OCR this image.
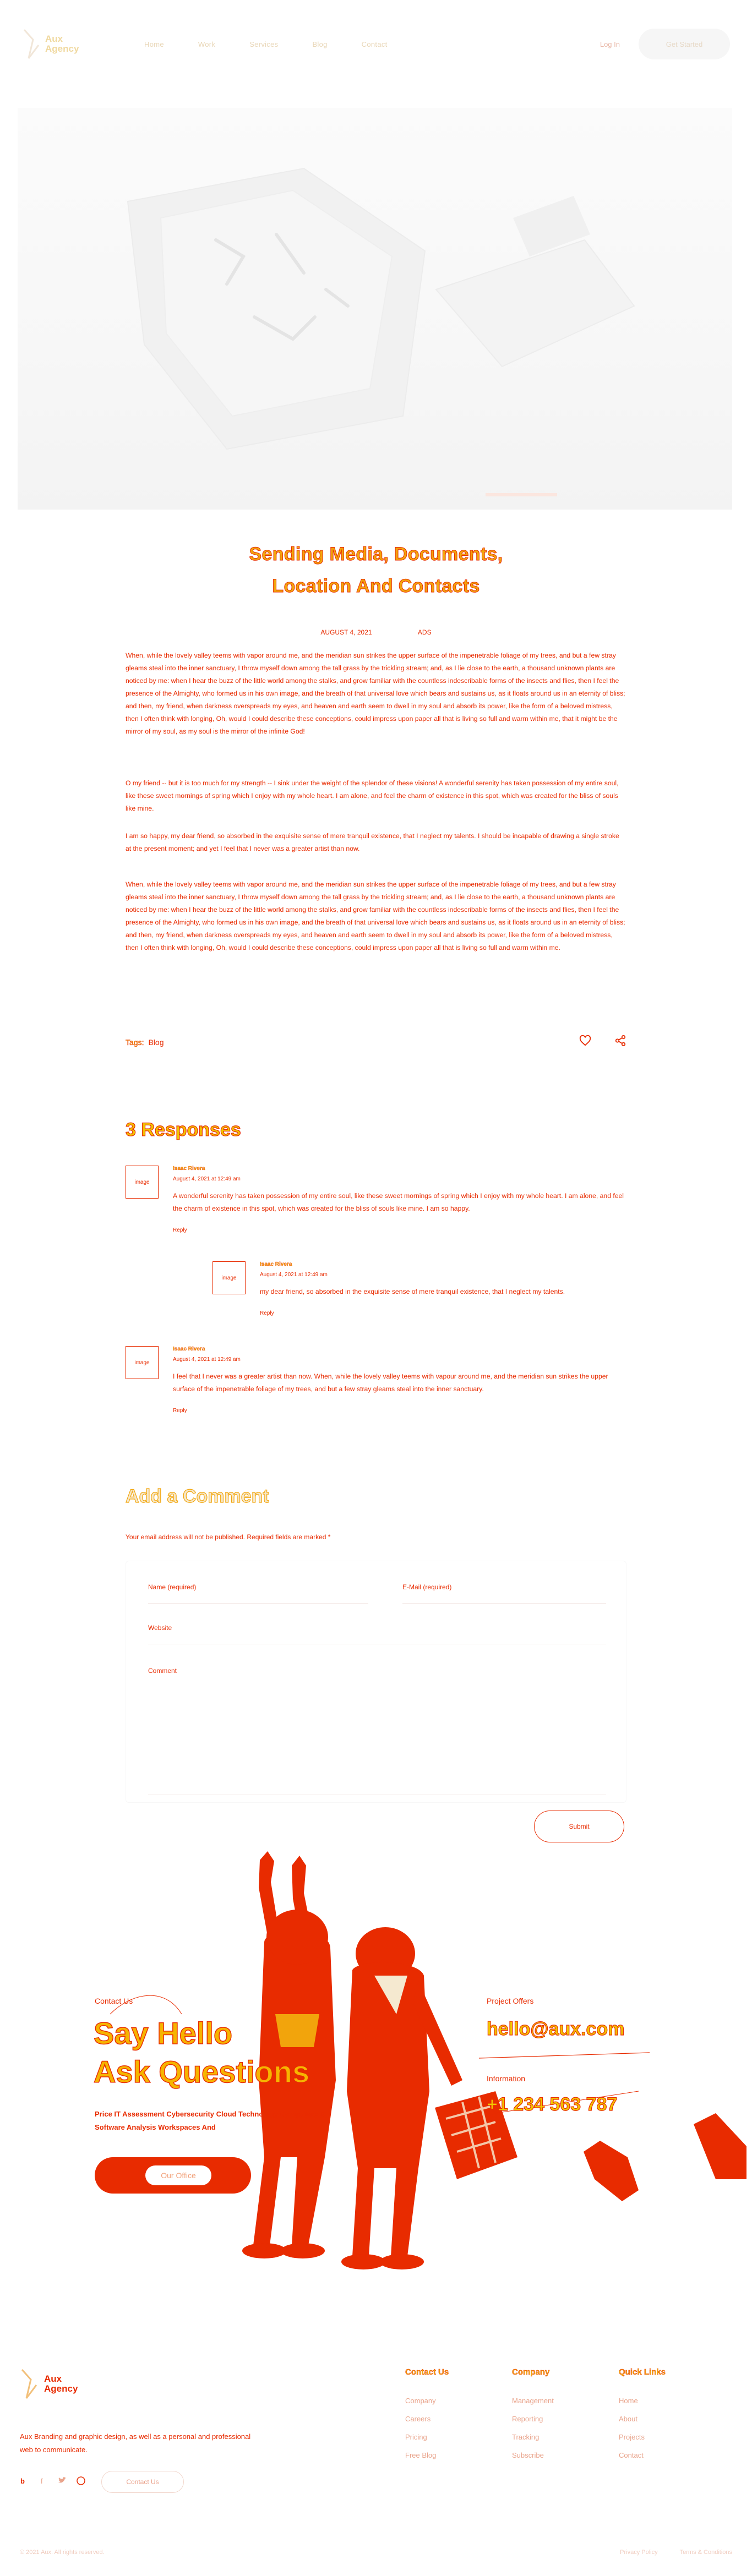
Aux
Agency	Home	Work	Services	Blog	Contact	Log In	Get Started
Sending Media, Documents,
Location And Contacts
AUGUST 4, 2021	ADS

When, while the lovely valley teems with vapor around me, and the meridian sun strikes the upper surface of the impenetrable foliage of my trees, and but a few stray gleams steal into the inner sanctuary, I throw myself down among the tall grass by the trickling stream; and, as I lie close to the earth, a thousand unknown plants are noticed by me: when I hear the buzz of the little world among the stalks, and grow familiar with the countless indescribable forms of the insects and flies, then I feel the presence of the Almighty, who formed us in his own image, and the breath of that universal love which bears and sustains us, as it floats around us in an eternity of bliss; and then, my friend, when darkness overspreads my eyes, and heaven and earth seem to dwell in my soul and absorb its power, like the form of a beloved mistress, then I often think with longing, Oh, would I could describe these conceptions, could impress upon paper all that is living so full and warm within me, that it might be the mirror of my soul, as my soul is the mirror of the infinite God!

O my friend -- but it is too much for my strength -- I sink under the weight of the splendor of these visions! A wonderful serenity has taken possession of my entire soul, like these sweet mornings of spring which I enjoy with my whole heart. I am alone, and feel the charm of existence in this spot, which was created for the bliss of souls like mine.

I am so happy, my dear friend, so absorbed in the exquisite sense of mere tranquil existence, that I neglect my talents. I should be incapable of drawing a single stroke at the present moment; and yet I feel that I never was a greater artist than now.

When, while the lovely valley teems with vapor around me, and the meridian sun strikes the upper surface of the impenetrable foliage of my trees, and but a few stray gleams steal into the inner sanctuary, I throw myself down among the tall grass by the trickling stream; and, as I lie close to the earth, a thousand unknown plants are noticed by me: when I hear the buzz of the little world among the stalks, and grow familiar with the countless indescribable forms of the insects and flies, then I feel the presence of the Almighty, who formed us in his own image, and the breath of that universal love which bears and sustains us, as it floats around us in an eternity of bliss; and then, my friend, when darkness overspreads my eyes, and heaven and earth seem to dwell in my soul and absorb its power, like the form of a beloved mistress, then I often think with longing, Oh, would I could describe these conceptions, could impress upon paper all that is living so full and warm within me.

Tags: Blog
3 Responses
image
Isaac Rivera
August 4, 2021 at 12:49 am
A wonderful serenity has taken possession of my entire soul, like these sweet mornings of spring which I enjoy with my whole heart. I am alone, and feel the charm of existence in this spot, which was created for the bliss of souls like mine. I am so happy.
Reply
image
Isaac Rivera
August 4, 2021 at 12:49 am
my dear friend, so absorbed in the exquisite sense of mere tranquil existence, that I neglect my talents.
Reply
image
Isaac Rivera
August 4, 2021 at 12:49 am
I feel that I never was a greater artist than now. When, while the lovely valley teems with vapour around me, and the meridian sun strikes the upper surface of the impenetrable foliage of my trees, and but a few stray gleams steal into the inner sanctuary.
Reply
Add a Comment

Your email address will not be published. Required fields are marked *

Name (required)	E-Mail (required)
Website
Comment
Submit
Contact Us
Say Hello
Ask Questions

Price IT Assessment Cybersecurity Cloud Technology Computers & Software Analysis Workspaces And

Our Office
Project Offers
hello@aux.com
Information
+1 234 563 787
Aux
Agency

Aux Branding and graphic design, as well as a personal and professional web to communicate.

b f	Contact Us
Contact Us
Company
Careers
Pricing
Free Blog
Company
Management
Reporting
Tracking
Subscribe
Quick Links
Home
About
Projects
Contact
© 2021 Aux. All rights reserved.	Privacy Policy	Terms & Conditions
